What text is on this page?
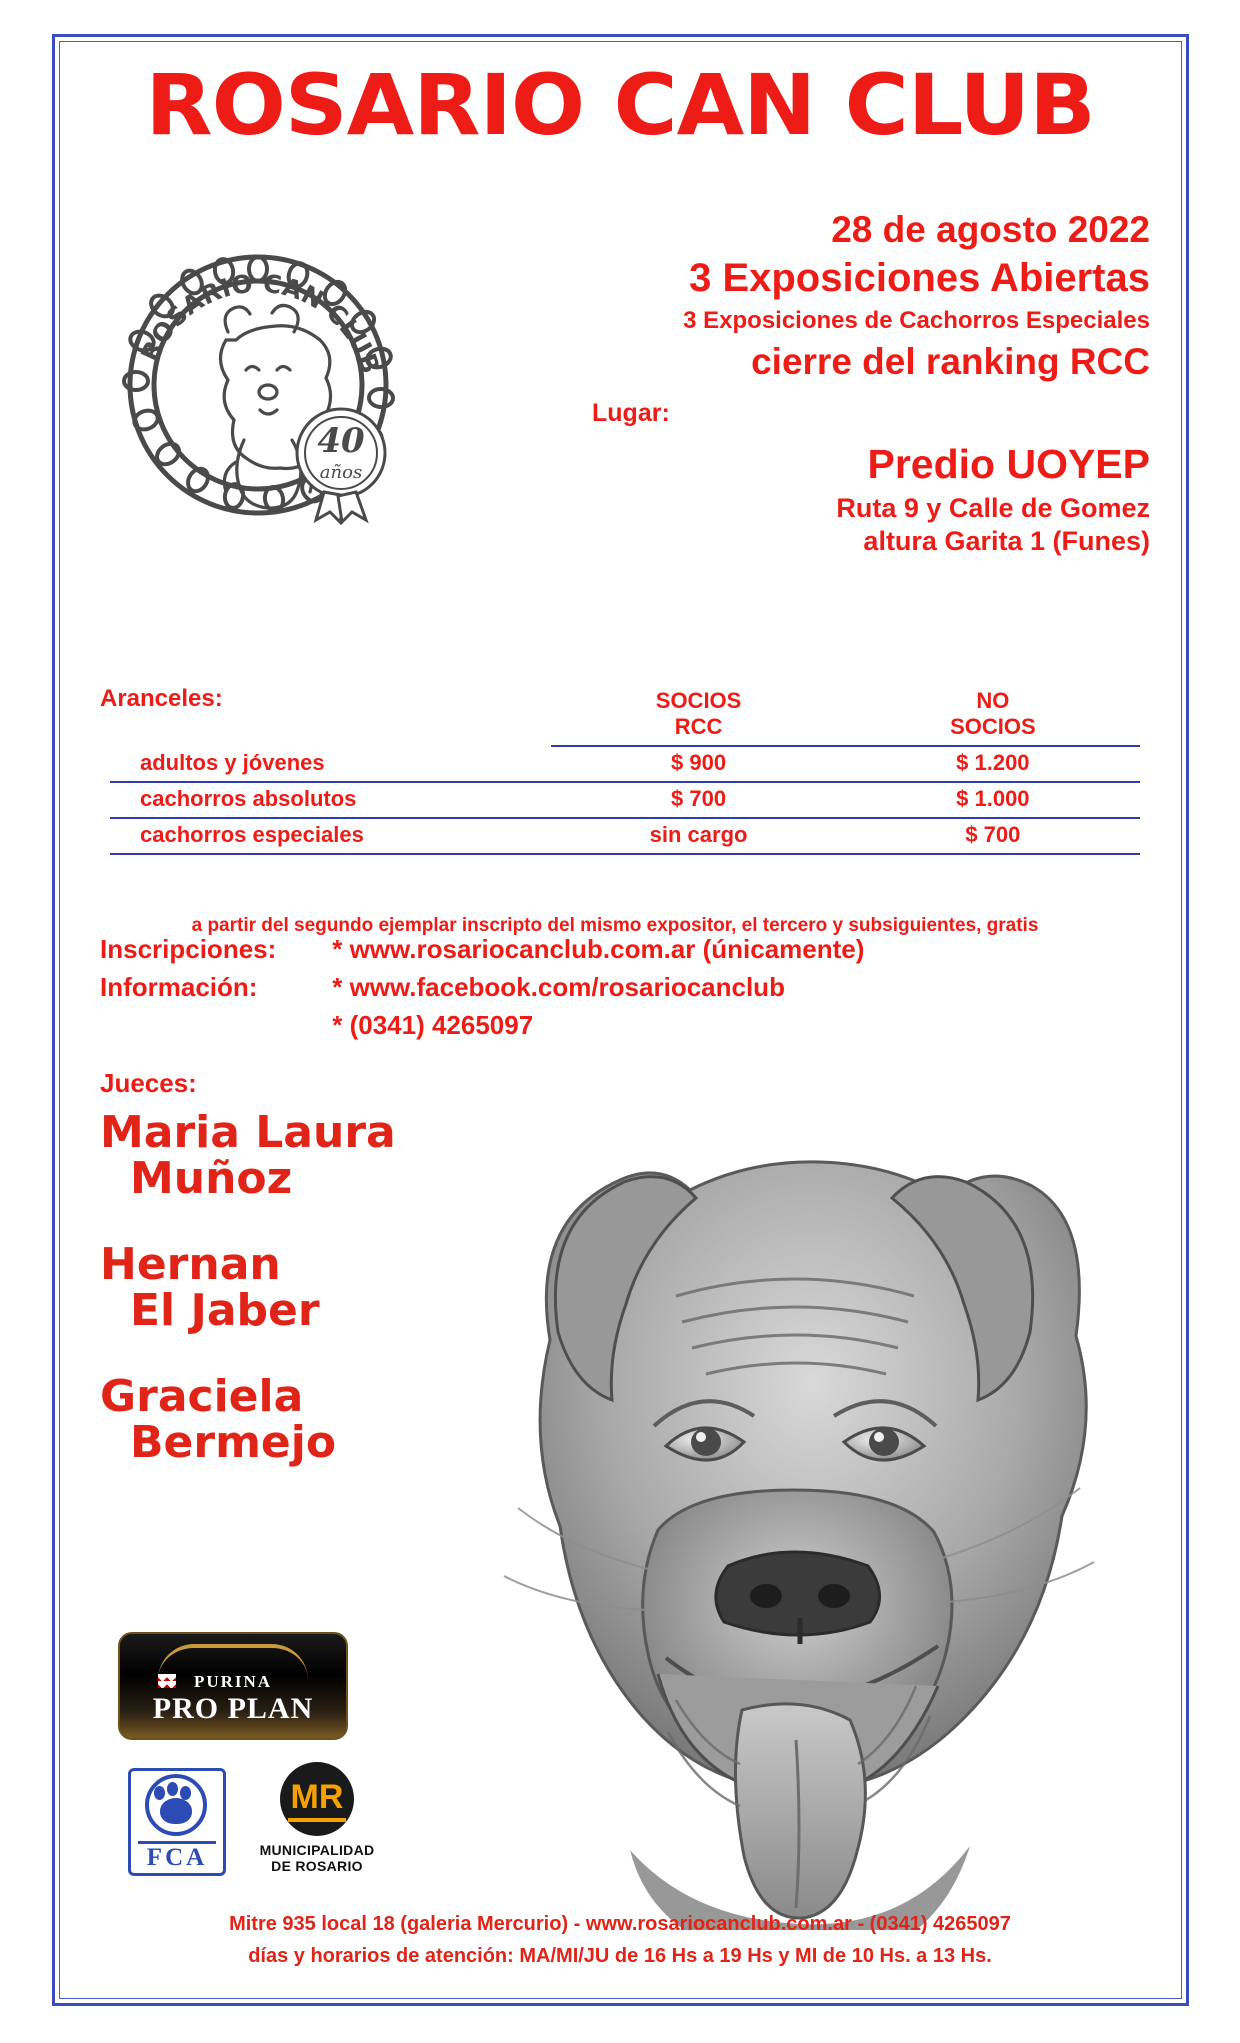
ROSARIO CAN CLUB
ROSARIO CAN CLUB
40
años
28 de agosto 2022
3 Exposiciones Abiertas
3 Exposiciones de Cachorros Especiales
cierre del ranking RCC
Lugar:
Predio UOYEP
Ruta 9 y Calle de Gomez
altura Garita 1 (Funes)
Aranceles:
		SOCIOS	NO
	RCC	SOCIOS
adultos y jóvenes	$ 900	$ 1.200
cachorros absolutos	$ 700	$ 1.000
cachorros especiales	sin cargo	$ 700
a partir del segundo ejemplar inscripto del mismo expositor, el tercero y subsiguientes, gratis
Inscripciones: * www.rosariocanclub.com.ar (únicamente)
Información:	* www.facebook.com/rosariocanclub
* (0341) 4265097
Jueces:
Maria Laura
Muñoz
Hernan
El Jaber
Graciela
Bermejo
PURINA
PRO PLAN
FCA
MR
MUNICIPALIDAD
DE ROSARIO
Mitre 935 local 18 (galeria Mercurio) - www.rosariocanclub.com.ar - (0341) 4265097
días y horarios de atención: MA/MI/JU de 16 Hs a 19 Hs y MI de 10 Hs. a 13 Hs.
